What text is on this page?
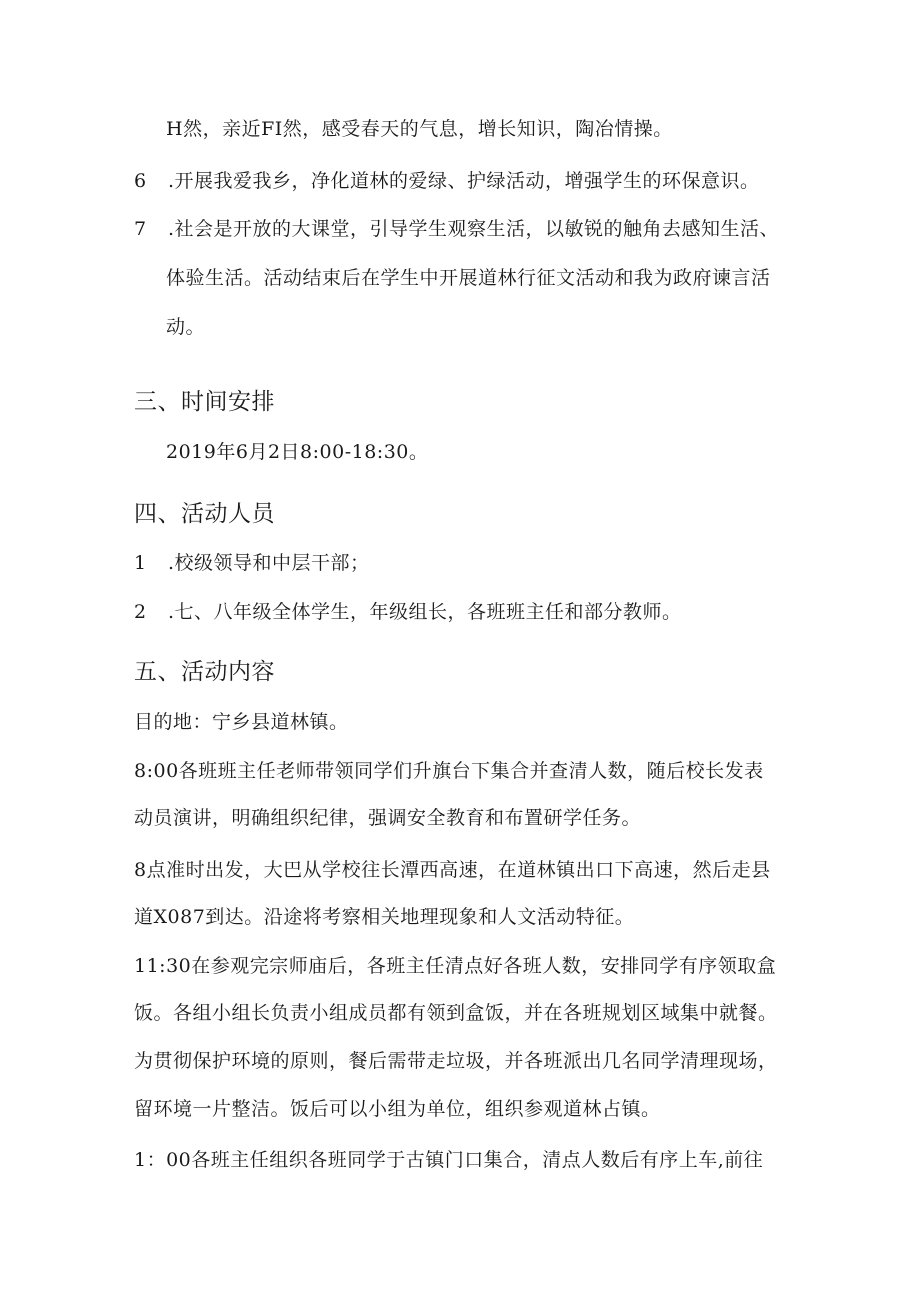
H然，亲近FI然，感受春天的气息，增长知识，陶冶情操。
6 .开展我爱我乡，净化道林的爱绿、护绿活动，增强学生的环保意识。
7 .社会是开放的大课堂，引导学生观察生活，以敏锐的触角去感知生活、
体验生活。活动结束后在学生中开展道林行征文活动和我为政府谏言活
动。
三、时间安排
2019年6月2日8:00-18:30。
四、活动人员
1 .校级领导和中层干部；
2 .七、八年级全体学生，年级组长，各班班主任和部分教师。
五、活动内容
目的地：宁乡县道林镇。
8:00各班班主任老师带领同学们升旗台下集合并查清人数，随后校长发表
动员演讲，明确组织纪律，强调安全教育和布置研学任务。
8点准时出发，大巴从学校往长潭西高速，在道林镇出口下高速，然后走县
道X087到达。沿途将考察相关地理现象和人文活动特征。
11:30在参观完宗师庙后，各班主任清点好各班人数，安排同学有序领取盒
饭。各组小组长负责小组成员都有领到盒饭，并在各班规划区域集中就餐。
为贯彻保护环境的原则，餐后需带走垃圾，并各班派出几名同学清理现场，
留环境一片整洁。饭后可以小组为单位，组织参观道林占镇。
1：00各班主任组织各班同学于古镇门口集合，清点人数后有序上车,前往
